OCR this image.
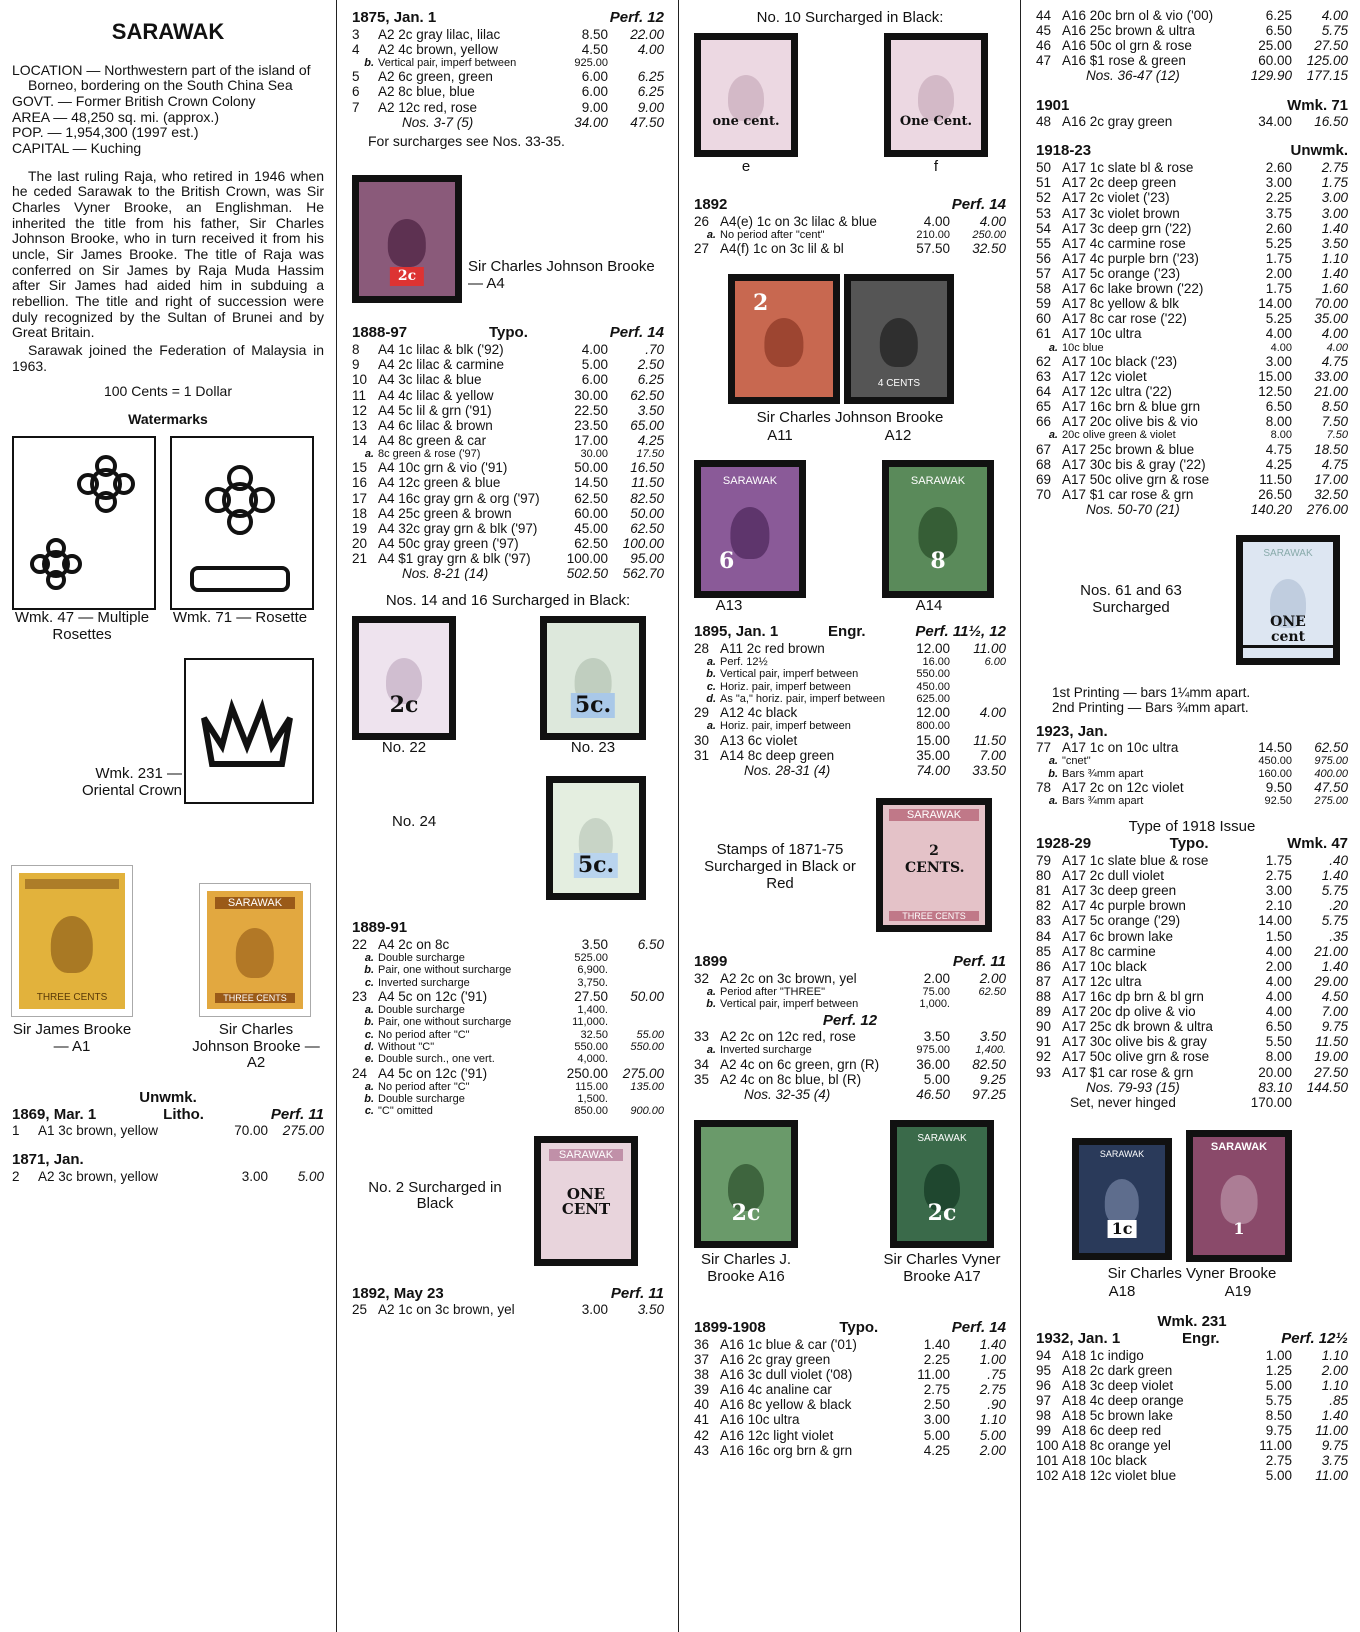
SARAWAK

LOCATION — Northwestern part of the island of Borneo, bordering on the South China Sea

GOVT. — Former British Crown Colony

AREA — 48,250 sq. mi. (approx.)

POP. — 1,954,300 (1997 est.)

CAPITAL — Kuching

The last ruling Raja, who retired in 1946 when he ceded Sarawak to the British Crown, was Sir Charles Vyner Brooke, an Englishman. He inherited the title from his father, Sir Charles Johnson Brooke, who in turn received it from his uncle, Sir James Brooke. The title of Raja was conferred on Sir James by Raja Muda Hassim after Sir James had aided him in subduing a rebellion. The title and right of succession were duly recognized by the Sultan of Brunei and by Great Britain.

Sarawak joined the Federation of Malaysia in 1963.

100 Cents = 1 Dollar
Watermarks
Wmk. 47 — Multiple Rosettes
Wmk. 71 — Rosette
Wmk. 231 — Oriental Crown
THREE CENTS
SARAWAK
THREE CENTS
Sir James Brooke — A1
Sir Charles Johnson Brooke — A2
Unwmk.
1869, Mar. 1	Litho.	Perf. 11
1	A1 3c brown, yellow	70.00	275.00
1871, Jan.
2	A2 3c brown, yellow	3.00	5.00
1875, Jan. 1	Perf. 12
3	A2 2c gray lilac, lilac	8.50	22.00
4	A2 4c brown, yellow	4.50	4.00
b. Vertical pair, imperf between	925.00
5	A2 6c green, green	6.00	6.25
6	A2 8c blue, blue	6.00	6.25
7	A2 12c red, rose	9.00	9.00
Nos. 3-7 (5)	34.00	47.50
For surcharges see Nos. 33-35.
2c
Sir Charles Johnson Brooke — A4
1888-97	Typo.	Perf. 14
8	A4 1c lilac & blk ('92)	4.00	.70
9	A4 2c lilac & carmine	5.00	2.50
10 A4 3c lilac & blue	6.00	6.25
11 A4 4c lilac & yellow	30.00	62.50
12 A4 5c lil & grn ('91)	22.50	3.50
13 A4 6c lilac & brown	23.50	65.00
14 A4 8c green & car	17.00	4.25
a. 8c green & rose ('97)	30.00	17.50
15 A4 10c grn & vio ('91)	50.00	16.50
16 A4 12c green & blue	14.50	11.50
17 A4 16c gray grn & org ('97)	62.50	82.50
18 A4 25c green & brown	60.00	50.00
19 A4 32c gray grn & blk ('97)	45.00	62.50
20 A4 50c gray green ('97)	62.50	100.00
21 A4 $1 gray grn & blk ('97)	100.00	95.00
Nos. 8-21 (14)	502.50	562.70
Nos. 14 and 16 Surcharged in Black:
2c	5c.
No. 22	No. 23
No. 24
5c.
1889-91
22 A4 2c on 8c	3.50	6.50
a. Double surcharge	525.00
b. Pair, one without surcharge	6,900.
c. Inverted surcharge	3,750.
23 A4 5c on 12c ('91)	27.50	50.00
a. Double surcharge	1,400.
b. Pair, one without surcharge	11,000.
c. No period after "C"	32.50	55.00
d. Without "C"	550.00	550.00
e. Double surch., one vert.	4,000.
24 A4 5c on 12c ('91)	250.00	275.00
a. No period after "C"	115.00	135.00
b. Double surcharge	1,500.
c. "C" omitted	850.00	900.00
No. 2 Surcharged in Black
SARAWAK
ONE CENT
1892, May 23	Perf. 11
25 A2 1c on 3c brown, yel	3.00	3.50
No. 10 Surcharged in Black:
one cent.	One Cent.
e	f
1892	Perf. 14
26 A4(e) 1c on 3c lilac & blue	4.00	4.00
a. No period after "cent"	210.00	250.00
27 A4(f) 1c on 3c lil & bl	57.50	32.50
2
4 CENTS
Sir Charles Johnson Brooke
A11	A12
SARAWAK
6
SARAWAK
8
A13	A14
1895, Jan. 1	Engr.	Perf. 11½, 12
28 A11 2c red brown	12.00	11.00
a. Perf. 12½	16.00	6.00
b. Vertical pair, imperf between	550.00
c. Horiz. pair, imperf between	450.00
d. As "a," horiz. pair, imperf between	625.00
29 A12 4c black	12.00	4.00
a. Horiz. pair, imperf between	800.00
30 A13 6c violet	15.00	11.50
31 A14 8c deep green	35.00	7.00
Nos. 28-31 (4)	74.00	33.50
Stamps of 1871-75 Surcharged in Black or Red
SARAWAK
2 CENTS.
THREE CENTS
1899	Perf. 11
32 A2 2c on 3c brown, yel	2.00	2.00
a. Period after "THREE"	75.00	62.50
b. Vertical pair, imperf between	1,000.
Perf. 12
33 A2 2c on 12c red, rose	3.50	3.50
a. Inverted surcharge	975.00	1,400.
34 A2 4c on 6c green, grn (R)	36.00	82.50
35 A2 4c on 8c blue, bl (R)	5.00	9.25
Nos. 32-35 (4)	46.50	97.25
2c
SARAWAK
2c
Sir Charles J. Brooke A16
Sir Charles Vyner Brooke A17
1899-1908	Typo.	Perf. 14
36 A16 1c blue & car ('01)	1.40	1.40
37 A16 2c gray green	2.25	1.00
38 A16 3c dull violet ('08)	11.00	.75
39 A16 4c analine car	2.75	2.75
40 A16 8c yellow & black	2.50	.90
41 A16 10c ultra	3.00	1.10
42 A16 12c light violet	5.00	5.00
43 A16 16c org brn & grn	4.25	2.00
44 A16 20c brn ol & vio ('00)	6.25	4.00
45 A16 25c brown & ultra	6.50	5.75
46 A16 50c ol grn & rose	25.00	27.50
47 A16 $1 rose & green	60.00	125.00
Nos. 36-47 (12)	129.90	177.15
1901	Wmk. 71
48 A16 2c gray green	34.00	16.50
1918-23	Unwmk.
50 A17 1c slate bl & rose	2.60	2.75
51 A17 2c deep green	3.00	1.75
52 A17 2c violet ('23)	2.25	3.00
53 A17 3c violet brown	3.75	3.00
54 A17 3c deep grn ('22)	2.60	1.40
55 A17 4c carmine rose	5.25	3.50
56 A17 4c purple brn ('23)	1.75	1.10
57 A17 5c orange ('23)	2.00	1.40
58 A17 6c lake brown ('22)	1.75	1.60
59 A17 8c yellow & blk	14.00	70.00
60 A17 8c car rose ('22)	5.25	35.00
61 A17 10c ultra	4.00	4.00
a. 10c blue	4.00	4.00
62 A17 10c black ('23)	3.00	4.75
63 A17 12c violet	15.00	33.00
64 A17 12c ultra ('22)	12.50	21.00
65 A17 16c brn & blue grn	6.50	8.50
66 A17 20c olive bis & vio	8.00	7.50
a. 20c olive green & violet	8.00	7.50
67 A17 25c brown & blue	4.75	18.50
68 A17 30c bis & gray ('22)	4.25	4.75
69 A17 50c olive grn & rose	11.50	17.00
70 A17 $1 car rose & grn	26.50	32.50
Nos. 50-70 (21)	140.20	276.00
Nos. 61 and 63 Surcharged
SARAWAK
ONE cent
1st Printing — bars 1¼mm apart.
2nd Printing — Bars ¾mm apart.
1923, Jan.
77 A17 1c on 10c ultra	14.50	62.50
a. "cnet"	450.00	975.00
b. Bars ¾mm apart	160.00	400.00
78 A17 2c on 12c violet	9.50	47.50
a. Bars ¾mm apart	92.50	275.00
Type of 1918 Issue
1928-29	Typo.	Wmk. 47
79 A17 1c slate blue & rose	1.75	.40
80 A17 2c dull violet	2.75	1.40
81 A17 3c deep green	3.00	5.75
82 A17 4c purple brown	2.10	.20
83 A17 5c orange ('29)	14.00	5.75
84 A17 6c brown lake	1.50	.35
85 A17 8c carmine	4.00	21.00
86 A17 10c black	2.00	1.40
87 A17 12c ultra	4.00	29.00
88 A17 16c dp brn & bl grn	4.00	4.50
89 A17 20c dp olive & vio	4.00	7.00
90 A17 25c dk brown & ultra	6.50	9.75
91 A17 30c olive bis & gray	5.50	11.50
92 A17 50c olive grn & rose	8.00	19.00
93 A17 $1 car rose & grn	20.00	27.50
Nos. 79-93 (15)	83.10	144.50
Set, never hinged	170.00
SARAWAK
1c
SARAWAK
1
Sir Charles Vyner Brooke
A18	A19
Wmk. 231
1932, Jan. 1	Engr.	Perf. 12½
94 A18 1c indigo	1.00	1.10
95 A18 2c dark green	1.25	2.00
96 A18 3c deep violet	5.00	1.10
97 A18 4c deep orange	5.75	.85
98 A18 5c brown lake	8.50	1.40
99 A18 6c deep red	9.75	11.00
100 A18 8c orange yel	11.00	9.75
101 A18 10c black	2.75	3.75
102 A18 12c violet blue	5.00	11.00
